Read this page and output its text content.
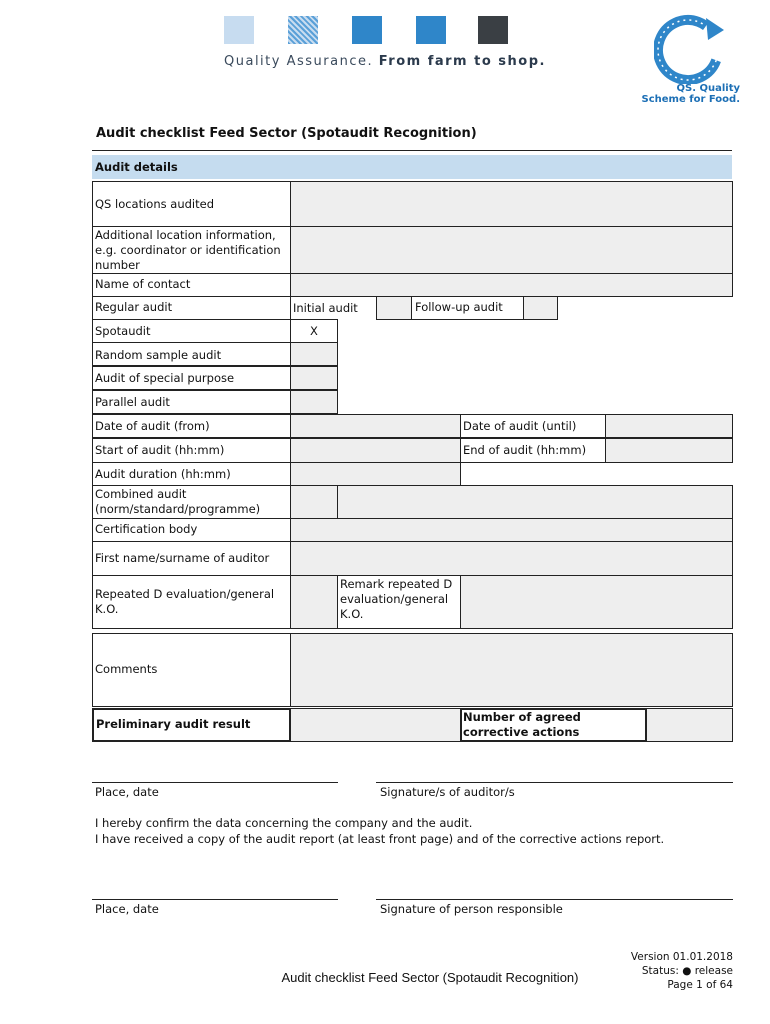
Quality Assurance. From farm to shop.
QS. Quality
Scheme for Food.
Audit checklist Feed Sector (Spotaudit Recognition)
Audit details
QS locations audited
Additional location information, e.g. coordinator or identification number
Name of contact
Regular audit	Initial audit	Follow-up audit
Spotaudit	X
Random sample audit
Audit of special purpose
Parallel audit
Date of audit (from)	Date of audit (until)
Start of audit (hh:mm)	End of audit (hh:mm)
Audit duration (hh:mm)
Combined audit (norm/standard/programme)
Certification body
First name/surname of auditor
Repeated D evaluation/general K.O.
Remark repeated D evaluation/general K.O.
Comments
Preliminary audit result	Number of agreed corrective actions
Place, date	Signature/s of auditor/s
I hereby confirm the data concerning the company and the audit.
I have received a copy of the audit report (at least front page) and of the corrective actions report.
Place, date	Signature of person responsible
Audit checklist Feed Sector (Spotaudit Recognition)
Version 01.01.2018
Status: ● release
Page 1 of 64
